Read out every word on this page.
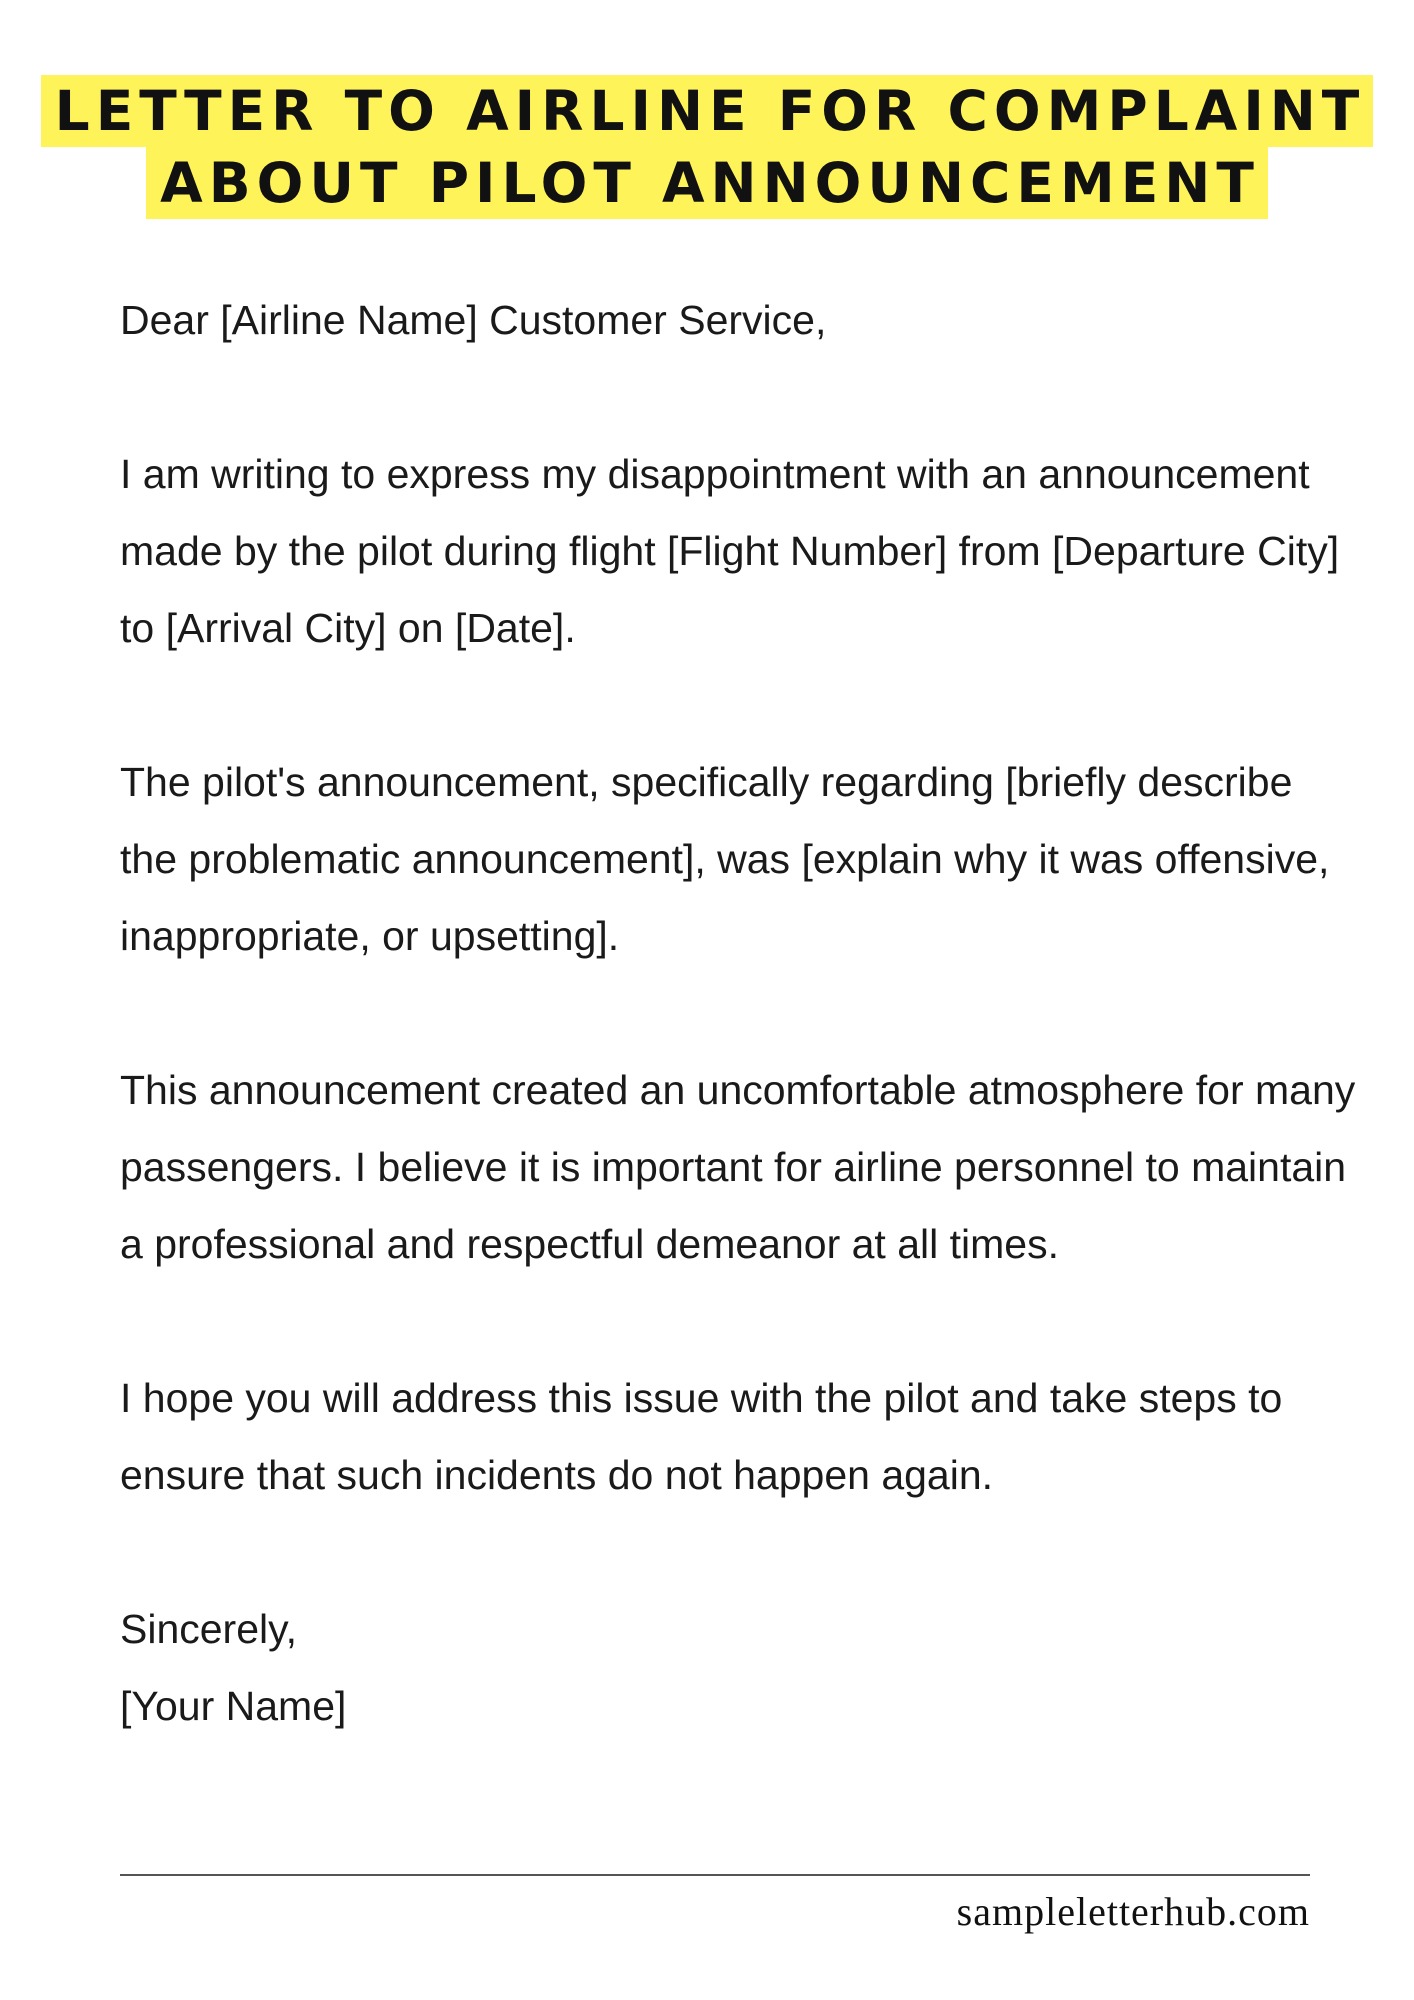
LETTER TO AIRLINE FOR COMPLAINT
ABOUT PILOT ANNOUNCEMENT

Dear [Airline Name] Customer Service,

I am writing to express my disappointment with an announcement made by the pilot during flight [Flight Number] from [Departure City] to [Arrival City] on [Date].

The pilot's announcement, specifically regarding [briefly describe the problematic announcement], was [explain why it was offensive, inappropriate, or upsetting].

This announcement created an uncomfortable atmosphere for many passengers. I believe it is important for airline personnel to maintain a professional and respectful demeanor at all times.

I hope you will address this issue with the pilot and take steps to ensure that such incidents do not happen again.

Sincerely,

[Your Name]

sampleletterhub.com
